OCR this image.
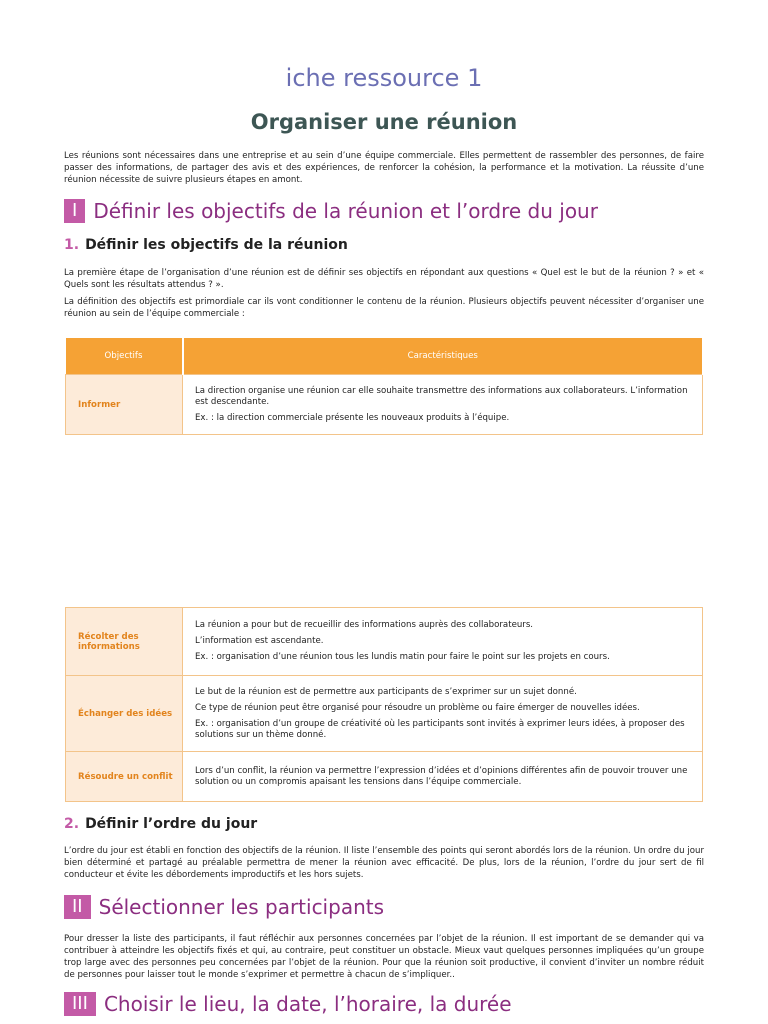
iche ressource 1
Organiser une réunion

Les réunions sont nécessaires dans une entreprise et au sein d’une équipe commerciale. Elles permettent de rassembler des personnes, de faire passer des informations, de partager des avis et des expériences, de renforcer la cohésion, la performance et la motivation. La réussite d’une réunion nécessite de suivre plusieurs étapes en amont.

I Définir les objectifs de la réunion et l’ordre du jour
1. Définir les objectifs de la réunion

La première étape de l’organisation d’une réunion est de définir ses objectifs en répondant aux questions « Quel est le but de la réunion ? » et « Quels sont les résultats attendus ? ».

La définition des objectifs est primordiale car ils vont conditionner le contenu de la réunion. Plusieurs objectifs peuvent nécessiter d’organiser une réunion au sein de l’équipe commerciale :

Objectifs	Caractéristiques
Informer	La direction organise une réunion car elle souhaite transmettre des informations aux collaborateurs. L’information est descendante.
Ex. : la direction commerciale présente les nouveaux produits à l’équipe.
Récolter des informations	La réunion a pour but de recueillir des informations auprès des collaborateurs.
L’information est ascendante.
Ex. : organisation d’une réunion tous les lundis matin pour faire le point sur les projets en cours.

Échanger des idées	Le but de la réunion est de permettre aux participants de s’exprimer sur un sujet donné.
Ce type de réunion peut être organisé pour résoudre un problème ou faire émerger de nouvelles idées.
Ex. : organisation d’un groupe de créativité où les participants sont invités à exprimer leurs idées, à proposer des solutions sur un thème donné.

Résoudre un conflit	Lors d’un conflit, la réunion va permettre l’expression d’idées et d’opinions différentes afin de pouvoir trouver une solution ou un compromis apaisant les tensions dans l’équipe commerciale.
2. Définir l’ordre du jour

L’ordre du jour est établi en fonction des objectifs de la réunion. Il liste l’ensemble des points qui seront abordés lors de la réunion. Un ordre du jour bien déterminé et partagé au préalable permettra de mener la réunion avec efficacité. De plus, lors de la réunion, l’ordre du jour sert de fil conducteur et évite les débordements improductifs et les hors sujets.

II Sélectionner les participants

Pour dresser la liste des participants, il faut réfléchir aux personnes concernées par l’objet de la réunion. Il est important de se demander qui va contribuer à atteindre les objectifs fixés et qui, au contraire, peut constituer un obstacle. Mieux vaut quelques personnes impliquées qu’un groupe trop large avec des personnes peu concernées par l’objet de la réunion. Pour que la réunion soit productive, il convient d’inviter un nombre réduit de personnes pour laisser tout le monde s’exprimer et permettre à chacun de s’impliquer..

III Choisir le lieu, la date, l’horaire, la durée
